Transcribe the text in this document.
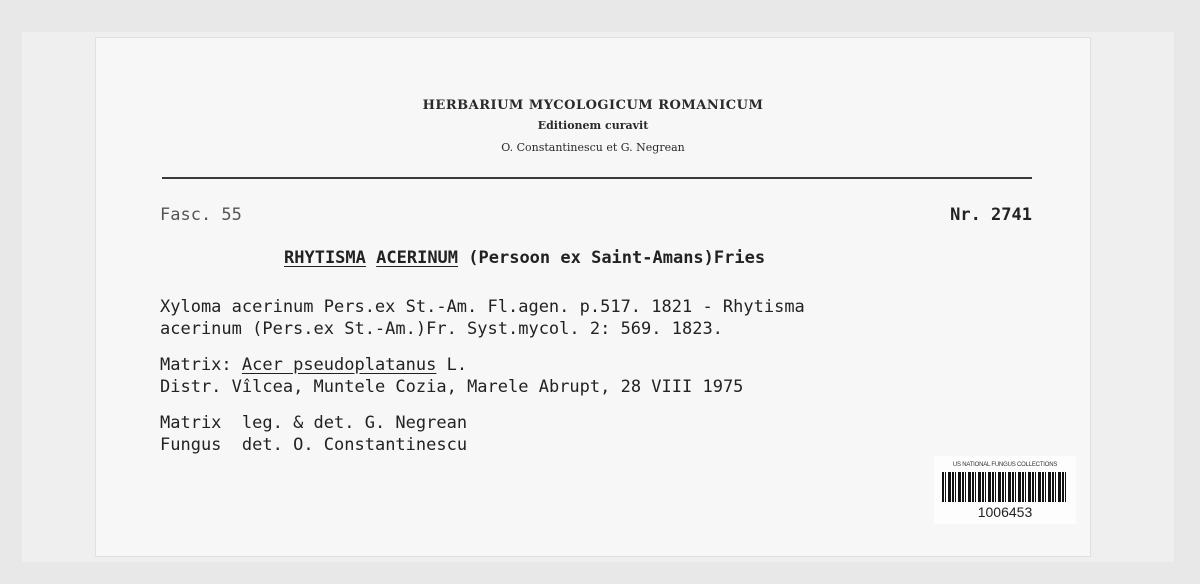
HERBARIUM MYCOLOGICUM ROMANICUM
Editionem curavit
O. Constantinescu et G. Negrean
Fasc. 55	Nr. 2741
RHYTISMA ACERINUM (Persoon ex Saint-Amans)Fries
Xyloma acerinum Pers.ex St.-Am. Fl.agen. p.517. 1821 - Rhytisma
acerinum (Pers.ex St.-Am.)Fr. Syst.mycol. 2: 569. 1823.
Matrix: Acer pseudoplatanus L.
Distr. Vîlcea, Muntele Cozia, Marele Abrupt, 28 VIII 1975
Matrix leg. & det. G. Negrean
Fungus det. O. Constantinescu
US NATIONAL FUNGUS COLLECTIONS
1006453
